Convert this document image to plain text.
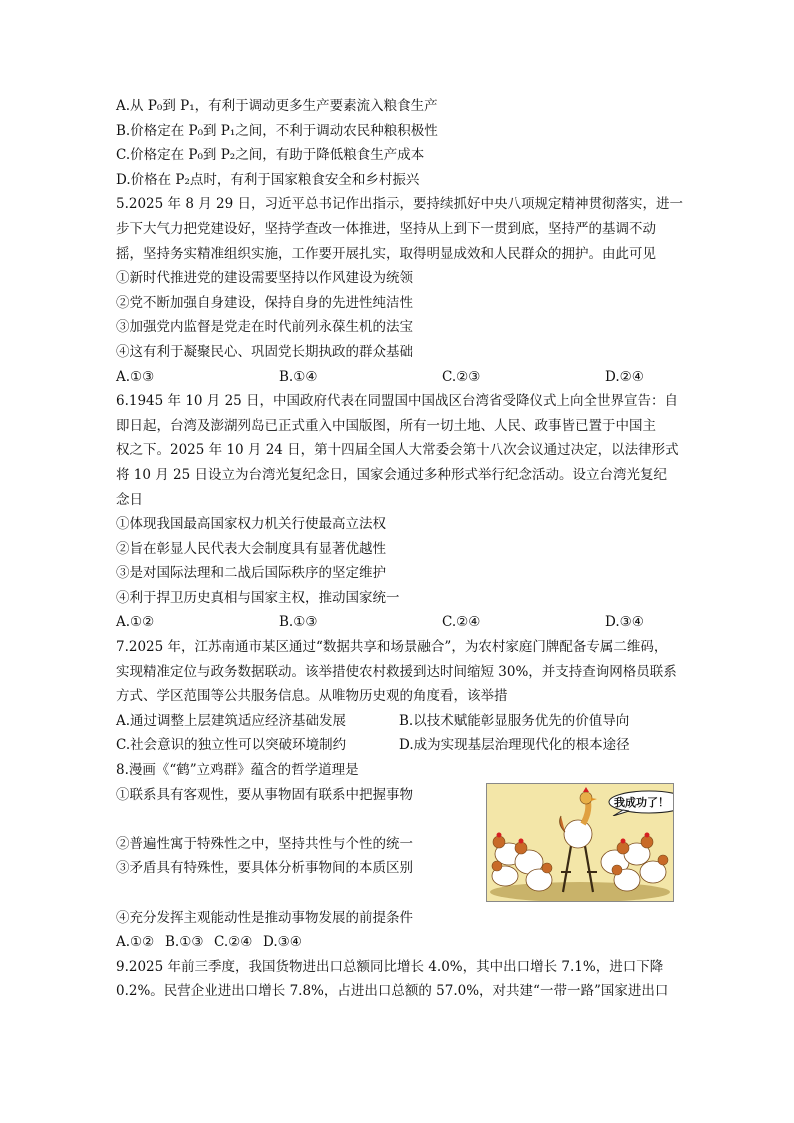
A.从 P₀到 P₁，有利于调动更多生产要素流入粮食生产
B.价格定在 P₀到 P₁之间，不利于调动农民种粮积极性
C.价格定在 P₀到 P₂之间，有助于降低粮食生产成本
D.价格在 P₂点时，有利于国家粮食安全和乡村振兴
5.2025 年 8 月 29 日，习近平总书记作出指示，要持续抓好中央八项规定精神贯彻落实，进一
步下大气力把党建设好，坚持学查改一体推进，坚持从上到下一贯到底，坚持严的基调不动
摇，坚持务实精准组织实施，工作要开展扎实，取得明显成效和人民群众的拥护。由此可见
①新时代推进党的建设需要坚持以作风建设为统领
②党不断加强自身建设，保持自身的先进性纯洁性
③加强党内监督是党走在时代前列永葆生机的法宝
④这有利于凝聚民心、巩固党长期执政的群众基础
A.①③	B.①④	C.②③	D.②④
6.1945 年 10 月 25 日，中国政府代表在同盟国中国战区台湾省受降仪式上向全世界宣告：自
即日起，台湾及澎湖列岛已正式重入中国版图，所有一切土地、人民、政事皆已置于中国主
权之下。2025 年 10 月 24 日，第十四届全国人大常委会第十八次会议通过决定，以法律形式
将 10 月 25 日设立为台湾光复纪念日，国家会通过多种形式举行纪念活动。设立台湾光复纪
念日
①体现我国最高国家权力机关行使最高立法权
②旨在彰显人民代表大会制度具有显著优越性
③是对国际法理和二战后国际秩序的坚定维护
④利于捍卫历史真相与国家主权，推动国家统一
A.①②	B.①③	C.②④	D.③④
7.2025 年，江苏南通市某区通过“数据共享和场景融合”，为农村家庭门牌配备专属二维码，
实现精准定位与政务数据联动。该举措使农村救援到达时间缩短 30%，并支持查询网格员联系
方式、学区范围等公共服务信息。从唯物历史观的角度看，该举措
A.通过调整上层建筑适应经济基础发展	B.以技术赋能彰显服务优先的价值导向
C.社会意识的独立性可以突破环境制约	D.成为实现基层治理现代化的根本途径
8.漫画《“鹤”立鸡群》蕴含的哲学道理是
①联系具有客观性，要从事物固有联系中把握事物
②普遍性寓于特殊性之中，坚持共性与个性的统一
③矛盾具有特殊性，要具体分析事物间的本质区别
④充分发挥主观能动性是推动事物发展的前提条件
我成功了！
A.①② B.①③ C.②④ D.③④
9.2025 年前三季度，我国货物进出口总额同比增长 4.0%，其中出口增长 7.1%，进口下降
0.2%。民营企业进出口增长 7.8%，占进出口总额的 57.0%，对共建“一带一路”国家进出口
